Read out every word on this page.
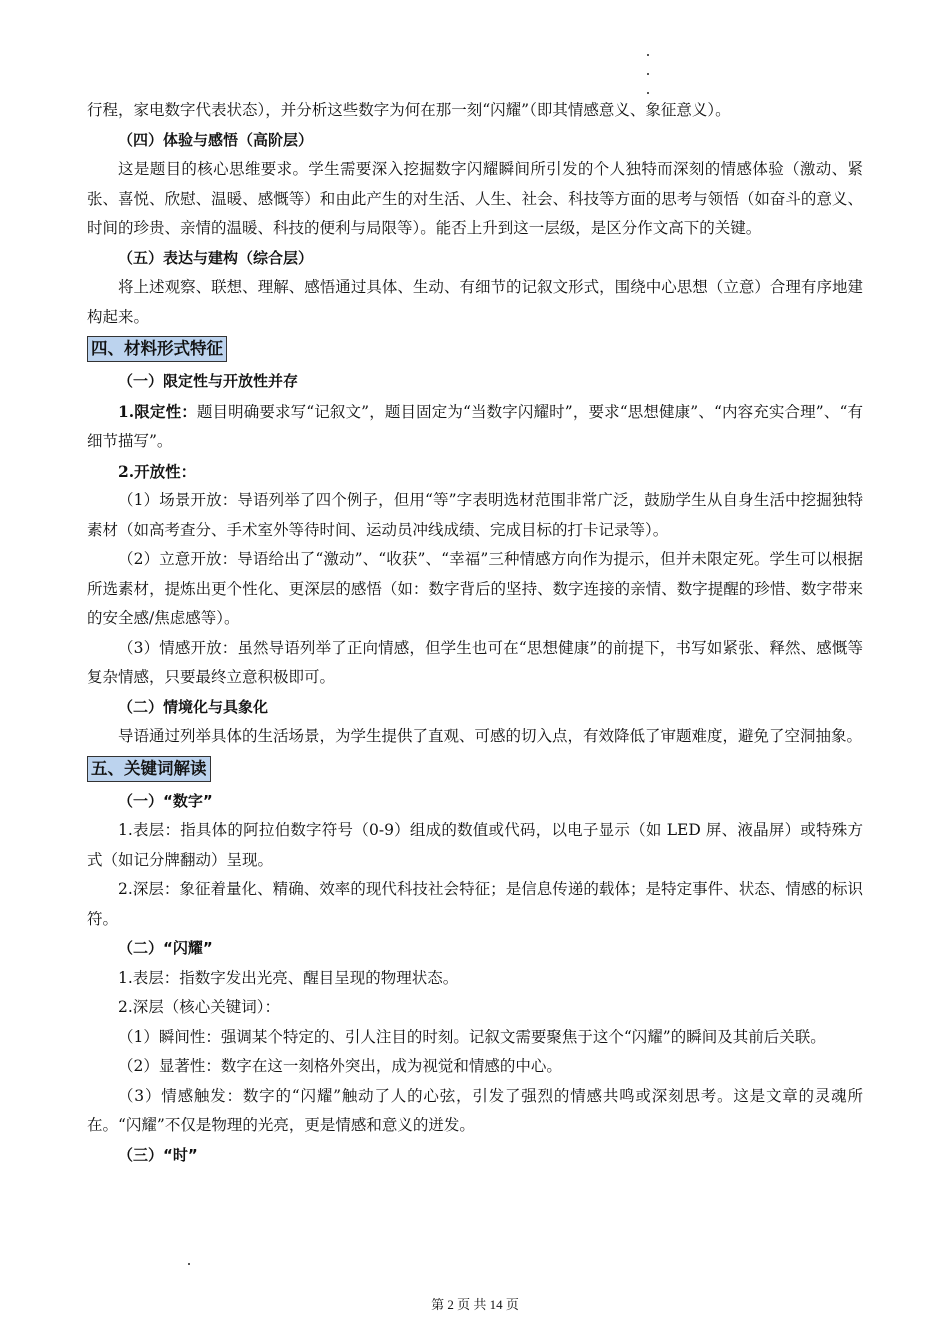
行程，家电数字代表状态），并分析这些数字为何在那一刻“闪耀”（即其情感意义、象征意义）。

（四）体验与感悟（高阶层）

这是题目的核心思维要求。学生需要深入挖掘数字闪耀瞬间所引发的个人独特而深刻的情感体验（激动、紧张、喜悦、欣慰、温暖、感慨等）和由此产生的对生活、人生、社会、科技等方面的思考与领悟（如奋斗的意义、时间的珍贵、亲情的温暖、科技的便利与局限等）。能否上升到这一层级，是区分作文高下的关键。

（五）表达与建构（综合层）

将上述观察、联想、理解、感悟通过具体、生动、有细节的记叙文形式，围绕中心思想（立意）合理有序地建构起来。

四、材料形式特征

（一）限定性与开放性并存

1.限定性：题目明确要求写“记叙文”，题目固定为“当数字闪耀时”，要求“思想健康”、“内容充实合理”、“有细节描写”。

2.开放性：

（1）场景开放：导语列举了四个例子，但用“等”字表明选材范围非常广泛，鼓励学生从自身生活中挖掘独特素材（如高考查分、手术室外等待时间、运动员冲线成绩、完成目标的打卡记录等）。

（2）立意开放：导语给出了“激动”、“收获”、“幸福”三种情感方向作为提示，但并未限定死。学生可以根据所选素材，提炼出更个性化、更深层的感悟（如：数字背后的坚持、数字连接的亲情、数字提醒的珍惜、数字带来的安全感/焦虑感等）。

（3）情感开放：虽然导语列举了正向情感，但学生也可在“思想健康”的前提下，书写如紧张、释然、感慨等复杂情感，只要最终立意积极即可。

（二）情境化与具象化

导语通过列举具体的生活场景，为学生提供了直观、可感的切入点，有效降低了审题难度，避免了空洞抽象。

五、关键词解读

（一）“数字”

1.表层：指具体的阿拉伯数字符号（0-9）组成的数值或代码，以电子显示（如 LED 屏、液晶屏）或特殊方式（如记分牌翻动）呈现。

2.深层：象征着量化、精确、效率的现代科技社会特征；是信息传递的载体；是特定事件、状态、情感的标识符。

（二）“闪耀”

1.表层：指数字发出光亮、醒目呈现的物理状态。

2.深层（核心关键词）：

（1）瞬间性：强调某个特定的、引人注目的时刻。记叙文需要聚焦于这个“闪耀”的瞬间及其前后关联。

（2）显著性：数字在这一刻格外突出，成为视觉和情感的中心。

（3）情感触发：数字的“闪耀”触动了人的心弦，引发了强烈的情感共鸣或深刻思考。这是文章的灵魂所在。“闪耀”不仅是物理的光亮，更是情感和意义的迸发。

（三）“时”

第 2 页 共 14 页
